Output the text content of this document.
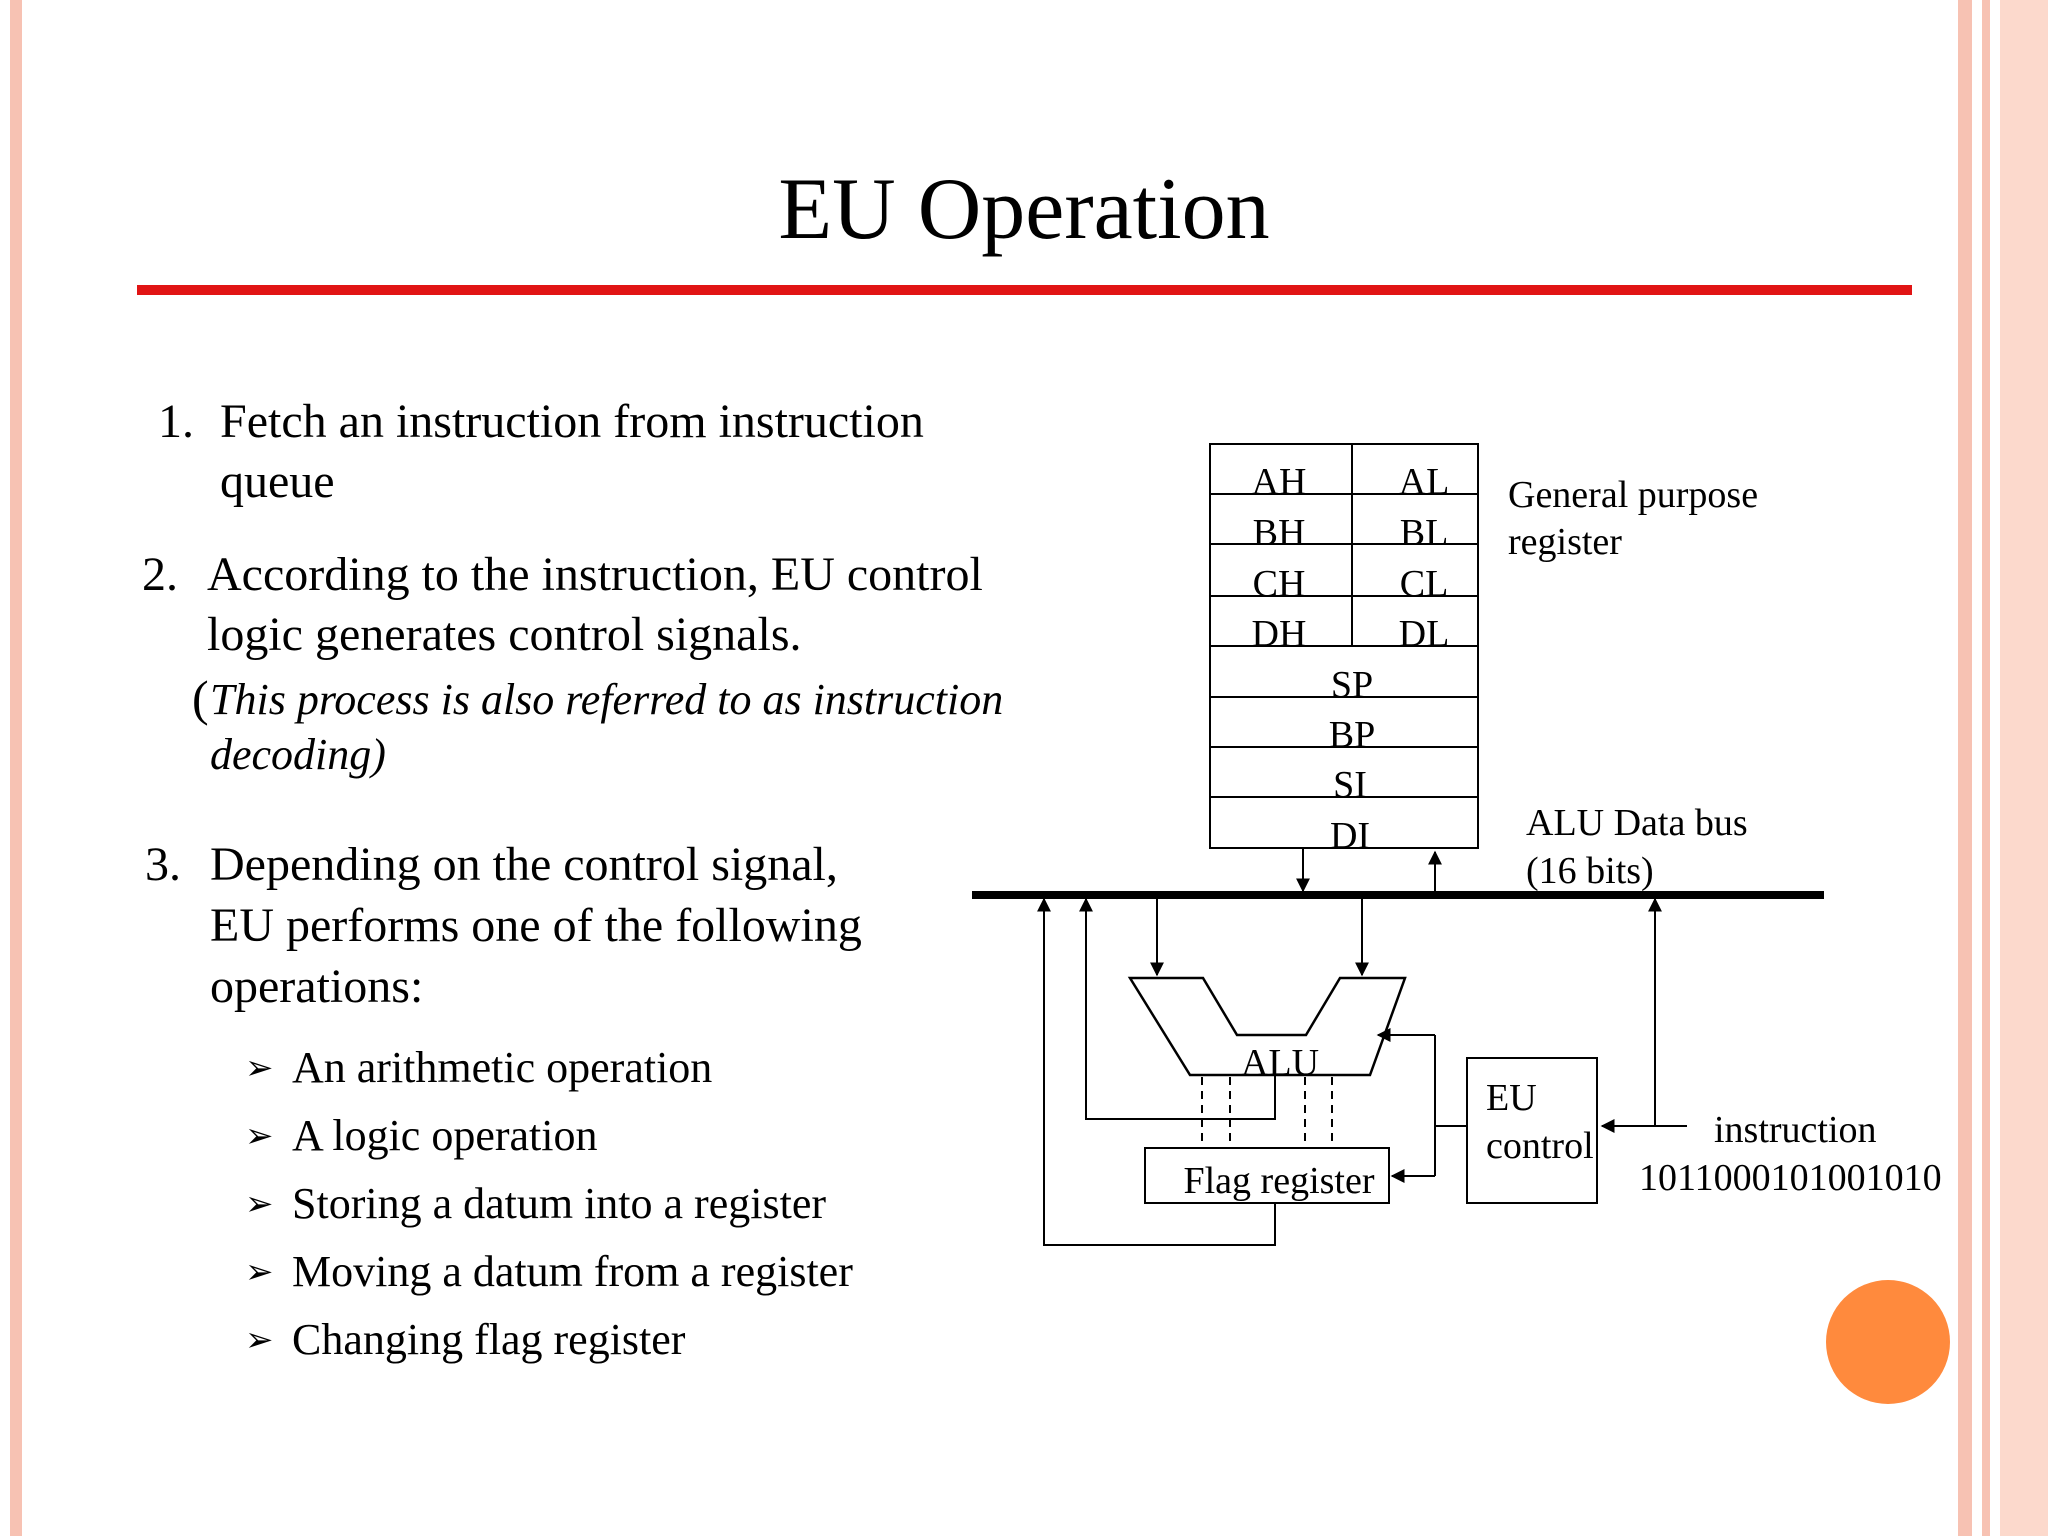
EU Operation
1. Fetch an instruction from instruction
queue
2. According to the instruction, EU control
logic generates control signals.
( This process is also referred to as instruction
decoding)
3. Depending on the control signal,
EU performs one of the following
operations:
➢ An arithmetic operation
➢ A logic operation
➢ Storing a datum into a register
➢ Moving a datum from a register
➢ Changing flag register
AH AL
BH BL
CH CL
DH DL
SP
BP
SI
DI
General purpose
register
ALU Data bus
(16 bits)
ALU
Flag register
EU
control	instruction
1011000101001010
